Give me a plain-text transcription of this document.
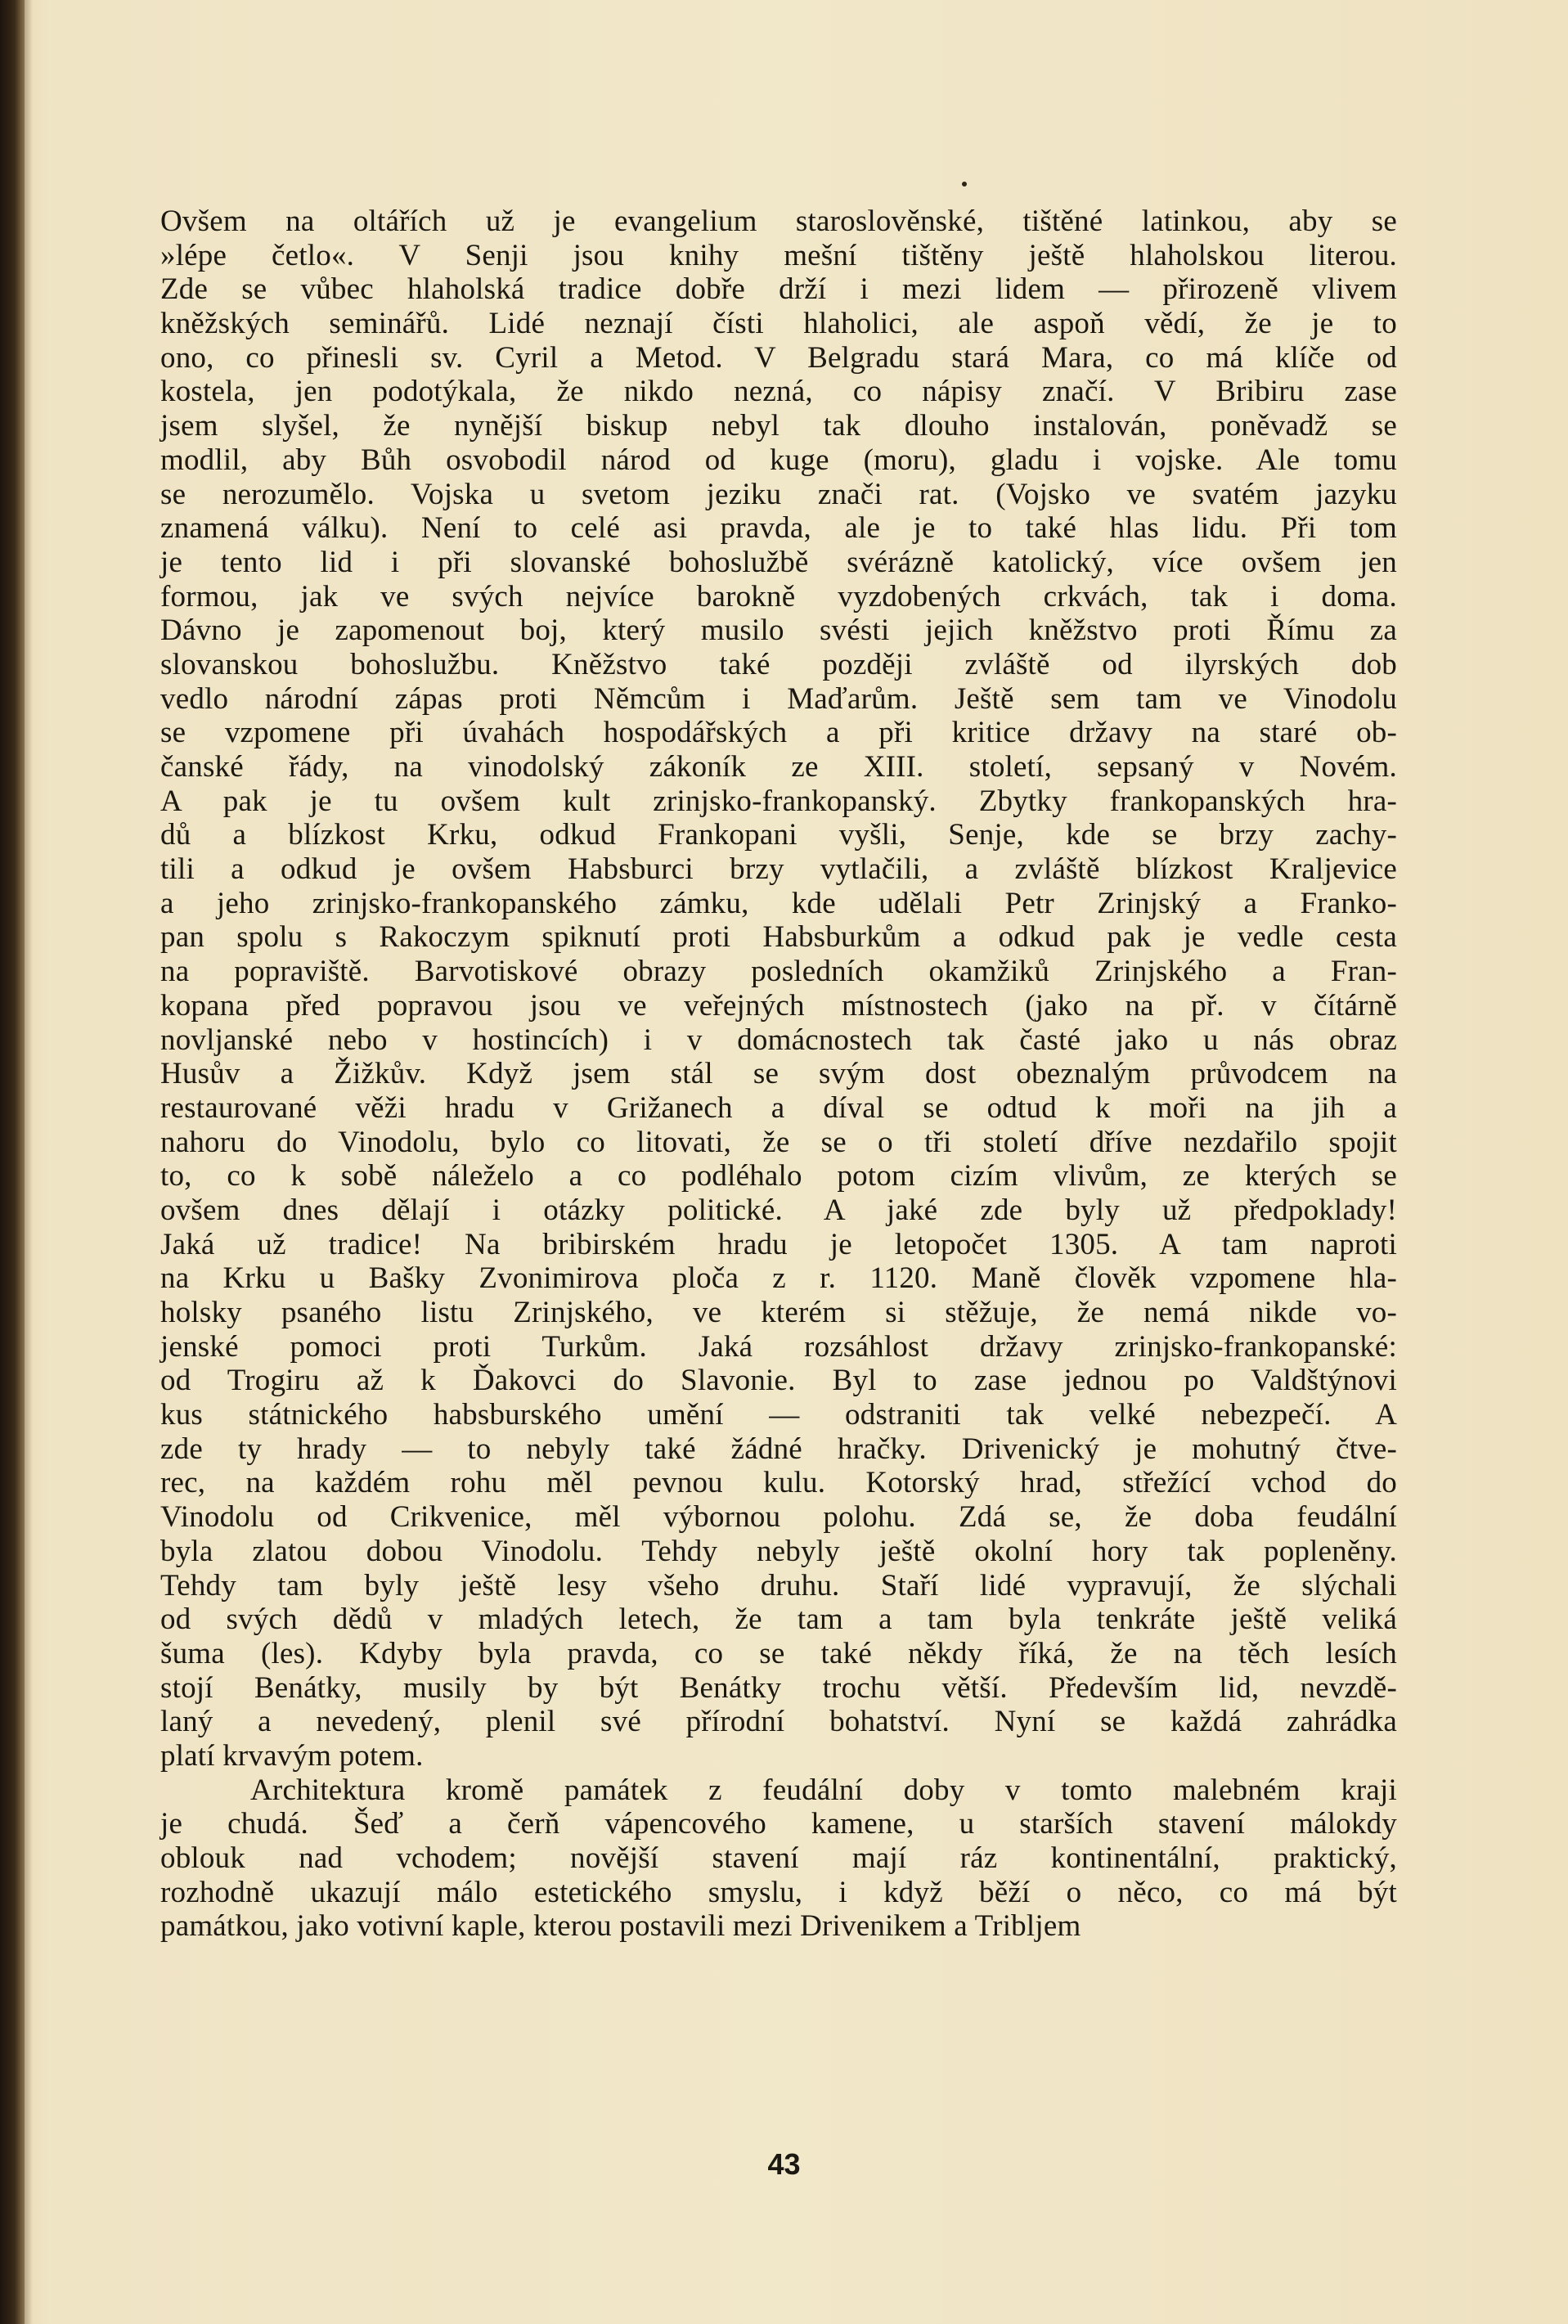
Ovšem na oltářích už je evangelium staroslověnské, tištěné latinkou, aby se
»lépe četlo«. V Senji jsou knihy mešní tištěny ještě hlaholskou literou.
Zde se vůbec hlaholská tradice dobře drží i mezi lidem — přirozeně vlivem
kněžských seminářů. Lidé neznají čísti hlaholici, ale aspoň vědí, že je to
ono, co přinesli sv. Cyril a Metod. V Belgradu stará Mara, co má klíče od
kostela, jen podotýkala, že nikdo nezná, co nápisy značí. V Bribiru zase
jsem slyšel, že nynější biskup nebyl tak dlouho instalován, poněvadž se
modlil, aby Bůh osvobodil národ od kuge (moru), gladu i vojske. Ale tomu
se nerozumělo. Vojska u svetom jeziku znači rat. (Vojsko ve svatém jazyku
znamená válku). Není to celé asi pravda, ale je to také hlas lidu. Při tom
je tento lid i při slovanské bohoslužbě svérázně katolický, více ovšem jen
formou, jak ve svých nejvíce barokně vyzdobených crkvách, tak i doma.
Dávno je zapomenout boj, který musilo svésti jejich kněžstvo proti Římu za
slovanskou bohoslužbu. Kněžstvo také později zvláště od ilyrských dob
vedlo národní zápas proti Němcům i Maďarům. Ještě sem tam ve Vinodolu
se vzpomene při úvahách hospodářských a při kritice državy na staré ob-
čanské řády, na vinodolský zákoník ze XIII. století, sepsaný v Novém.
A pak je tu ovšem kult zrinjsko-frankopanský. Zbytky frankopanských hra-
dů a blízkost Krku, odkud Frankopani vyšli, Senje, kde se brzy zachy-
tili a odkud je ovšem Habsburci brzy vytlačili, a zvláště blízkost Kraljevice
a jeho zrinjsko-frankopanského zámku, kde udělali Petr Zrinjský a Franko-
pan spolu s Rakoczym spiknutí proti Habsburkům a odkud pak je vedle cesta
na popraviště. Barvotiskové obrazy posledních okamžiků Zrinjského a Fran-
kopana před popravou jsou ve veřejných místnostech (jako na př. v čítárně
novljanské nebo v hostincích) i v domácnostech tak časté jako u nás obraz
Husův a Žižkův. Když jsem stál se svým dost obeznalým průvodcem na
restaurované věži hradu v Grižanech a díval se odtud k moři na jih a
nahoru do Vinodolu, bylo co litovati, že se o tři století dříve nezdařilo spojit
to, co k sobě náleželo a co podléhalo potom cizím vlivům, ze kterých se
ovšem dnes dělají i otázky politické. A jaké zde byly už předpoklady!
Jaká už tradice! Na bribirském hradu je letopočet 1305. A tam naproti
na Krku u Bašky Zvonimirova ploča z r. 1120. Maně člověk vzpomene hla-
holsky psaného listu Zrinjského, ve kterém si stěžuje, že nemá nikde vo-
jenské pomoci proti Turkům. Jaká rozsáhlost državy zrinjsko-frankopanské:
od Trogiru až k Ďakovci do Slavonie. Byl to zase jednou po Valdštýnovi
kus státnického habsburského umění — odstraniti tak velké nebezpečí. A
zde ty hrady — to nebyly také žádné hračky. Drivenický je mohutný čtve-
rec, na každém rohu měl pevnou kulu. Kotorský hrad, střežící vchod do
Vinodolu od Crikvenice, měl výbornou polohu. Zdá se, že doba feudální
byla zlatou dobou Vinodolu. Tehdy nebyly ještě okolní hory tak popleněny.
Tehdy tam byly ještě lesy všeho druhu. Staří lidé vypravují, že slýchali
od svých dědů v mladých letech, že tam a tam byla tenkráte ještě veliká
šuma (les). Kdyby byla pravda, co se také někdy říká, že na těch lesích
stojí Benátky, musily by být Benátky trochu větší. Především lid, nevzdě-
laný a nevedený, plenil své přírodní bohatství. Nyní se každá zahrádka
platí krvavým potem.
Architektura kromě památek z feudální doby v tomto malebném kraji
je chudá. Šeď a čerň vápencového kamene, u starších stavení málokdy
oblouk nad vchodem; novější stavení mají ráz kontinentální, praktický,
rozhodně ukazují málo estetického smyslu, i když běží o něco, co má být
památkou, jako votivní kaple, kterou postavili mezi Drivenikem a Tribljem
43
